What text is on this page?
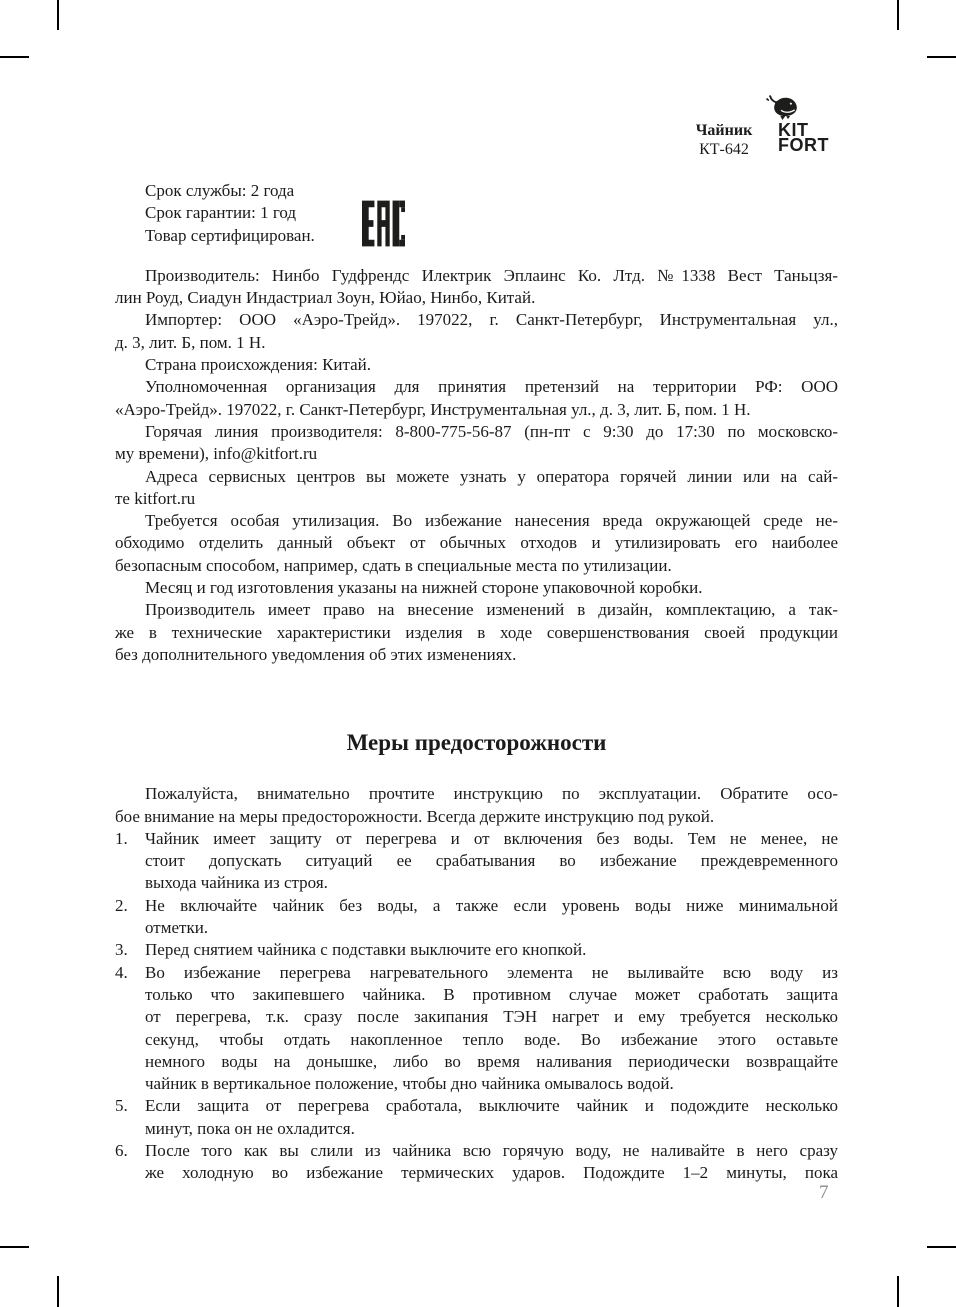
Чайник
КТ-642
KIT
FORT
Срок службы: 2 года
Срок гарантии: 1 год
Товар сертифицирован.
Производитель: Нинбо Гудфрендс Илектрик Эплаинс Ко. Лтд. №1338 Вест Таньцзя-
лин Роуд, Сиадун Индастриал Зоун, Юйао, Нинбо, Китай.
Импортер: ООО «Аэро-Трейд». 197022, г. Санкт-Петербург, Инструментальная ул.,
д. 3, лит. Б, пом. 1 Н.
Страна происхождения: Китай.
Уполномоченная организация для принятия претензий на территории РФ: ООО
«Аэро-Трейд». 197022, г. Санкт-Петербург, Инструментальная ул., д. 3, лит. Б, пом. 1 Н.
Горячая линия производителя: 8-800-775-56-87 (пн-пт с 9:30 до 17:30 по московско-
му времени), info@kitfort.ru
Адреса сервисных центров вы можете узнать у оператора горячей линии или на сай-
те kitfort.ru
Требуется особая утилизация. Во избежание нанесения вреда окружающей среде не-
обходимо отделить данный объект от обычных отходов и утилизировать его наиболее
безопасным способом, например, сдать в специальные места по утилизации.
Месяц и год изготовления указаны на нижней стороне упаковочной коробки.
Производитель имеет право на внесение изменений в дизайн, комплектацию, а так-
же в технические характеристики изделия в ходе совершенствования своей продукции
без дополнительного уведомления об этих изменениях.
Меры предосторожности
Пожалуйста, внимательно прочтите инструкцию по эксплуатации. Обратите осо-
бое внимание на меры предосторожности. Всегда держите инструкцию под рукой.
1. Чайник имеет защиту от перегрева и от включения без воды. Тем не менее, не
стоит допускать ситуаций ее срабатывания во избежание преждевременного
выхода чайника из строя.
2. Не включайте чайник без воды, а также если уровень воды ниже минимальной
отметки.
3. Перед снятием чайника с подставки выключите его кнопкой.
4. Во избежание перегрева нагревательного элемента не выливайте всю воду из
только что закипевшего чайника. В противном случае может сработать защита
от перегрева, т.к. сразу после закипания ТЭН нагрет и ему требуется несколько
секунд, чтобы отдать накопленное тепло воде. Во избежание этого оставьте
немного воды на донышке, либо во время наливания периодически возвращайте
чайник в вертикальное положение, чтобы дно чайника омывалось водой.
5. Если защита от перегрева сработала, выключите чайник и подождите несколько
минут, пока он не охладится.
6. После того как вы слили из чайника всю горячую воду, не наливайте в него сразу
же холодную во избежание термических ударов. Подождите 1–2 минуты, пока
7
